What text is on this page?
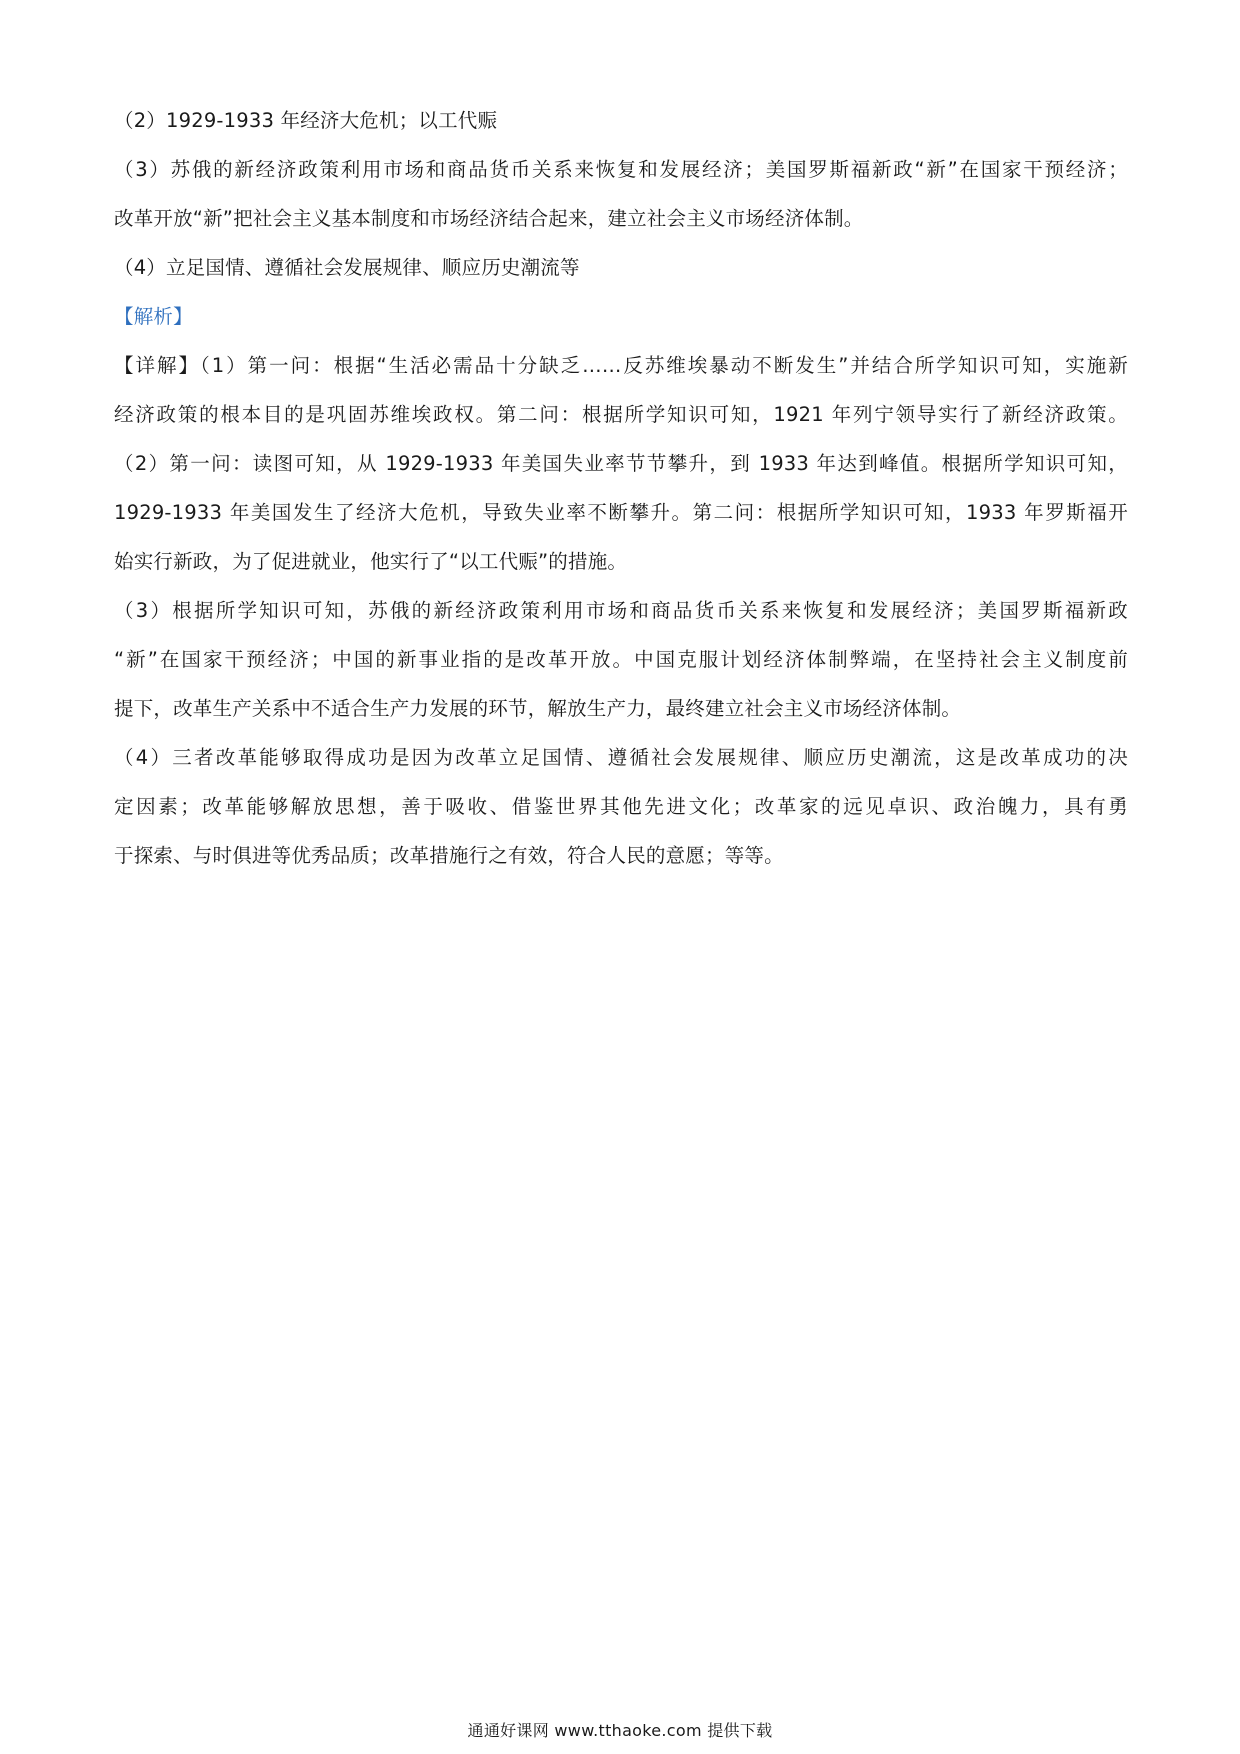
（2）1929-1933 年经济大危机；以工代赈
（3）苏俄的新经济政策利用市场和商品货币关系来恢复和发展经济；美国罗斯福新政“新”在国家干预经济；
改革开放“新”把社会主义基本制度和市场经济结合起来，建立社会主义市场经济体制。
（4）立足国情、遵循社会发展规律、顺应历史潮流等
【解析】
【详解】（1）第一问：根据“生活必需品十分缺乏……反苏维埃暴动不断发生”并结合所学知识可知，实施新
经济政策的根本目的是巩固苏维埃政权。第二问：根据所学知识可知，1921 年列宁领导实行了新经济政策。
（2）第一问：读图可知，从 1929-1933 年美国失业率节节攀升，到 1933 年达到峰值。根据所学知识可知，
1929-1933 年美国发生了经济大危机，导致失业率不断攀升。第二问：根据所学知识可知，1933 年罗斯福开
始实行新政，为了促进就业，他实行了“以工代赈”的措施。
（3）根据所学知识可知，苏俄的新经济政策利用市场和商品货币关系来恢复和发展经济；美国罗斯福新政
“新”在国家干预经济；中国的新事业指的是改革开放。中国克服计划经济体制弊端，在坚持社会主义制度前
提下，改革生产关系中不适合生产力发展的环节，解放生产力，最终建立社会主义市场经济体制。
（4）三者改革能够取得成功是因为改革立足国情、遵循社会发展规律、顺应历史潮流，这是改革成功的决
定因素；改革能够解放思想，善于吸收、借鉴世界其他先进文化；改革家的远见卓识、政治魄力，具有勇
于探索、与时俱进等优秀品质；改革措施行之有效，符合人民的意愿；等等。
通通好课网 www.tthaoke.com 提供下载
